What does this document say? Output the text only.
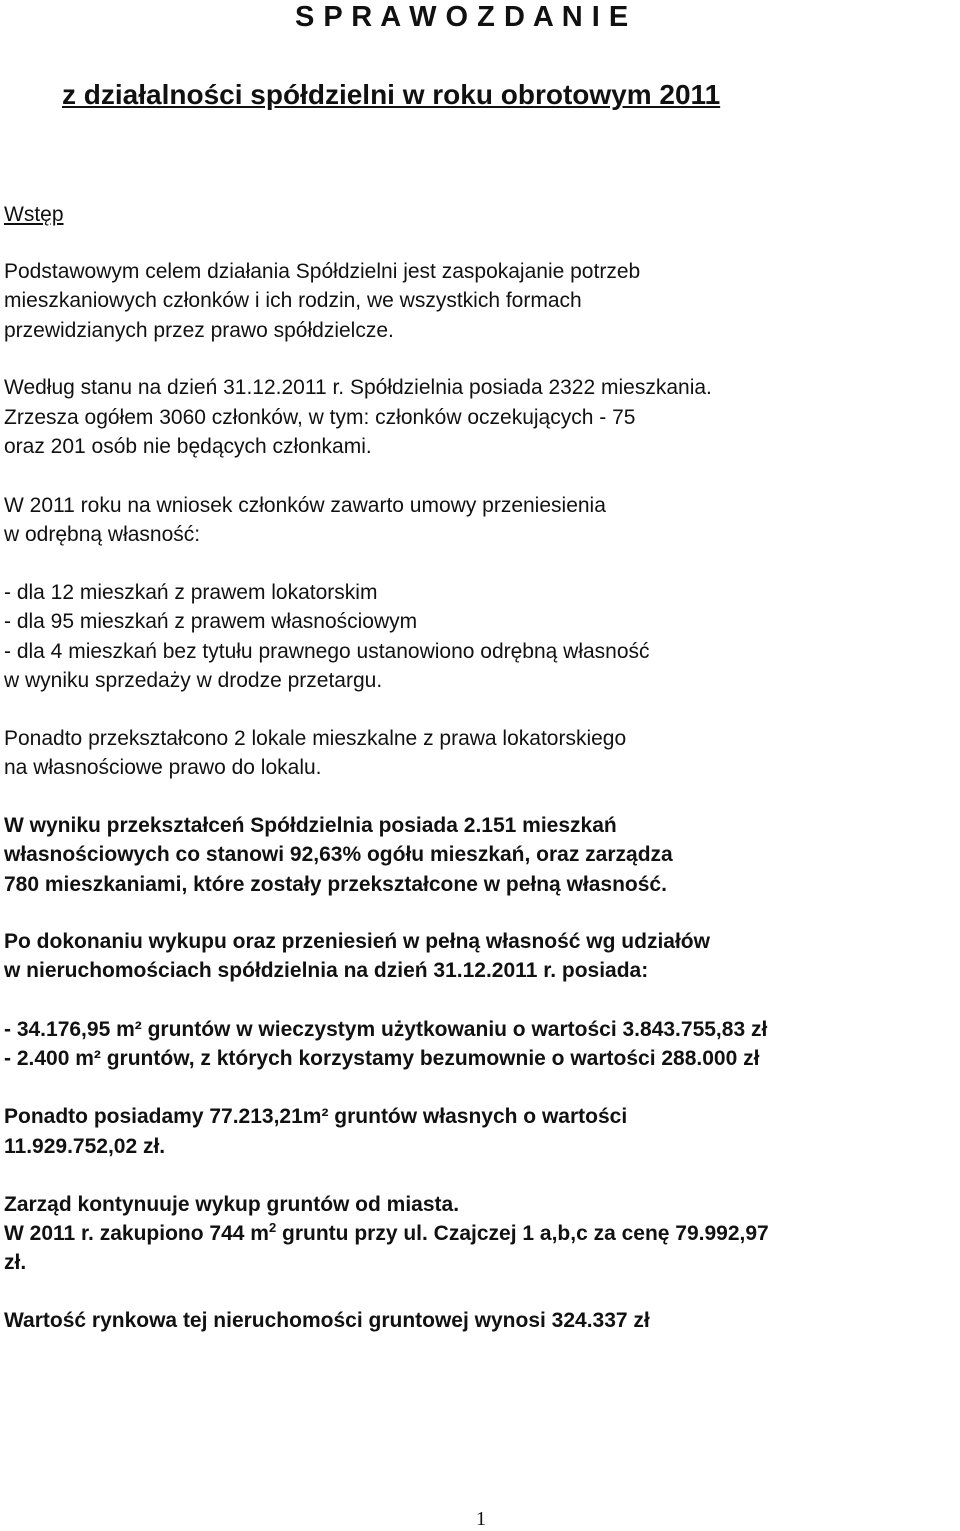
S P R A W O Z D A N I E
z działalności spółdzielni w roku obrotowym 2011
Wstęp
Podstawowym celem działania Spółdzielni jest zaspokajanie potrzeb
mieszkaniowych członków i ich rodzin, we wszystkich formach
przewidzianych przez prawo spółdzielcze.
Według stanu na dzień 31.12.2011 r. Spółdzielnia posiada 2322 mieszkania.
Zrzesza ogółem 3060 członków, w tym: członków oczekujących - 75
oraz 201 osób nie będących członkami.
W 2011 roku na wniosek członków zawarto umowy przeniesienia
w odrębną własność:
- dla 12 mieszkań z prawem lokatorskim
- dla 95 mieszkań z prawem własnościowym
- dla 4 mieszkań bez tytułu prawnego ustanowiono odrębną własność
w wyniku sprzedaży w drodze przetargu.
Ponadto przekształcono 2 lokale mieszkalne z prawa lokatorskiego
na własnościowe prawo do lokalu.
W wyniku przekształceń Spółdzielnia posiada 2.151 mieszkań
własnościowych co stanowi 92,63% ogółu mieszkań, oraz zarządza
780 mieszkaniami, które zostały przekształcone w pełną własność.
Po dokonaniu wykupu oraz przeniesień w pełną własność wg udziałów
w nieruchomościach spółdzielnia na dzień 31.12.2011 r. posiada:
- 34.176,95 m² gruntów w wieczystym użytkowaniu o wartości 3.843.755,83 zł
- 2.400 m² gruntów, z których korzystamy bezumownie o wartości 288.000 zł
Ponadto posiadamy 77.213,21m² gruntów własnych o wartości
11.929.752,02 zł.
Zarząd kontynuuje wykup gruntów od miasta.
W 2011 r. zakupiono 744 $m^2$ gruntu przy ul. Czajczej 1 a,b,c za cenę 79.992,97
zł.
Wartość rynkowa tej nieruchomości gruntowej wynosi 324.337 zł
1
